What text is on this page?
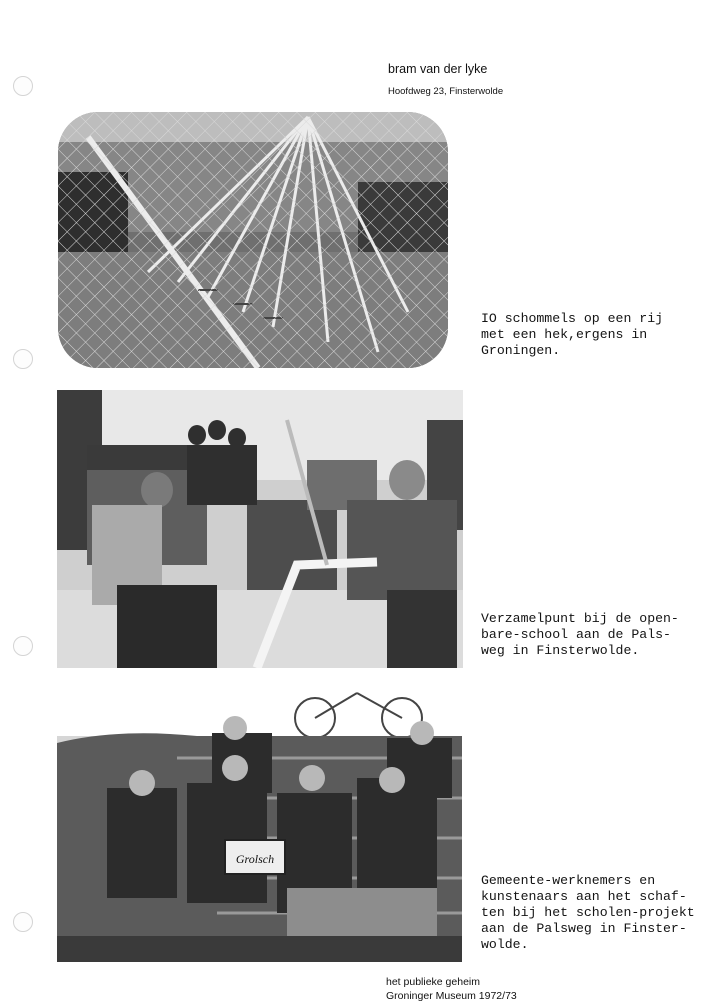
bram van der lyke
Hoofdweg 23, Finsterwolde
IO schommels op een rij
met een hek,ergens in
Groningen.
Verzamelpunt bij de open-
bare-school aan de Pals-
weg in Finsterwolde.
Grolsch
Gemeente-werknemers en
kunstenaars aan het schaf-
ten bij het scholen-projekt
aan de Palsweg in Finster-
wolde.
het publieke geheim
Groninger Museum 1972/73
